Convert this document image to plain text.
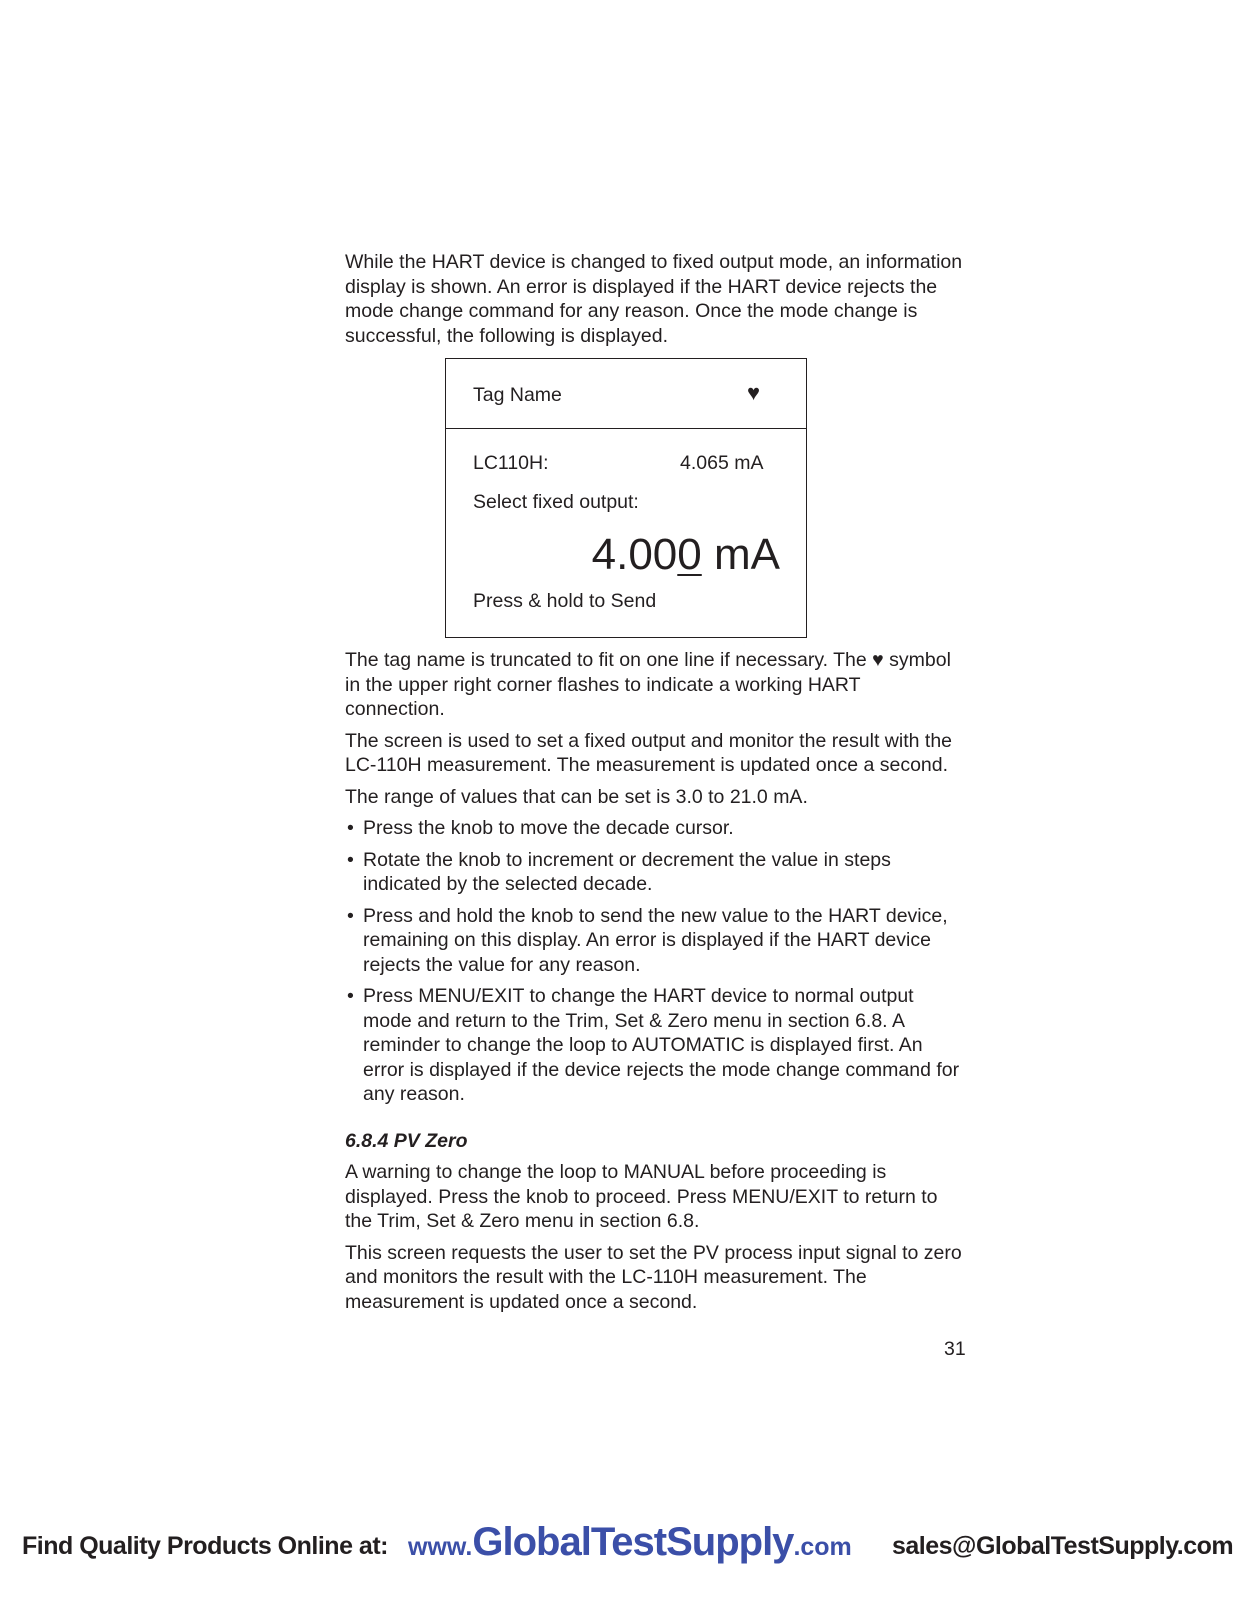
While the HART device is changed to fixed output mode, an information display is shown. An error is displayed if the HART device rejects the mode change command for any reason. Once the mode change is successful, the following is displayed.

Tag Name	♥
LC110H:	4.065 mA
Select fixed output:
4.000 mA
Press & hold to Send

The tag name is truncated to fit on one line if necessary. The ♥ symbol in the upper right corner flashes to indicate a working HART connection.

The screen is used to set a fixed output and monitor the result with the LC-110H measurement. The measurement is updated once a second.

The range of values that can be set is 3.0 to 21.0 mA.

• Press the knob to move the decade cursor.
• Rotate the knob to increment or decrement the value in steps indicated by the selected decade.
• Press and hold the knob to send the new value to the HART device, remaining on this display. An error is displayed if the HART device rejects the value for any reason.
• Press MENU/EXIT to change the HART device to normal output mode and return to the Trim, Set & Zero menu in section 6.8. A reminder to change the loop to AUTOMATIC is displayed first. An error is displayed if the device rejects the mode change command for any reason.
6.8.4 PV Zero

A warning to change the loop to MANUAL before proceeding is displayed. Press the knob to proceed. Press MENU/EXIT to return to the Trim, Set & Zero menu in section 6.8.

This screen requests the user to set the PV process input signal to zero and monitors the result with the LC-110H measurement. The measurement is updated once a second.

31
Find Quality Products Online at: www.GlobalTestSupply.com sales@GlobalTestSupply.com
